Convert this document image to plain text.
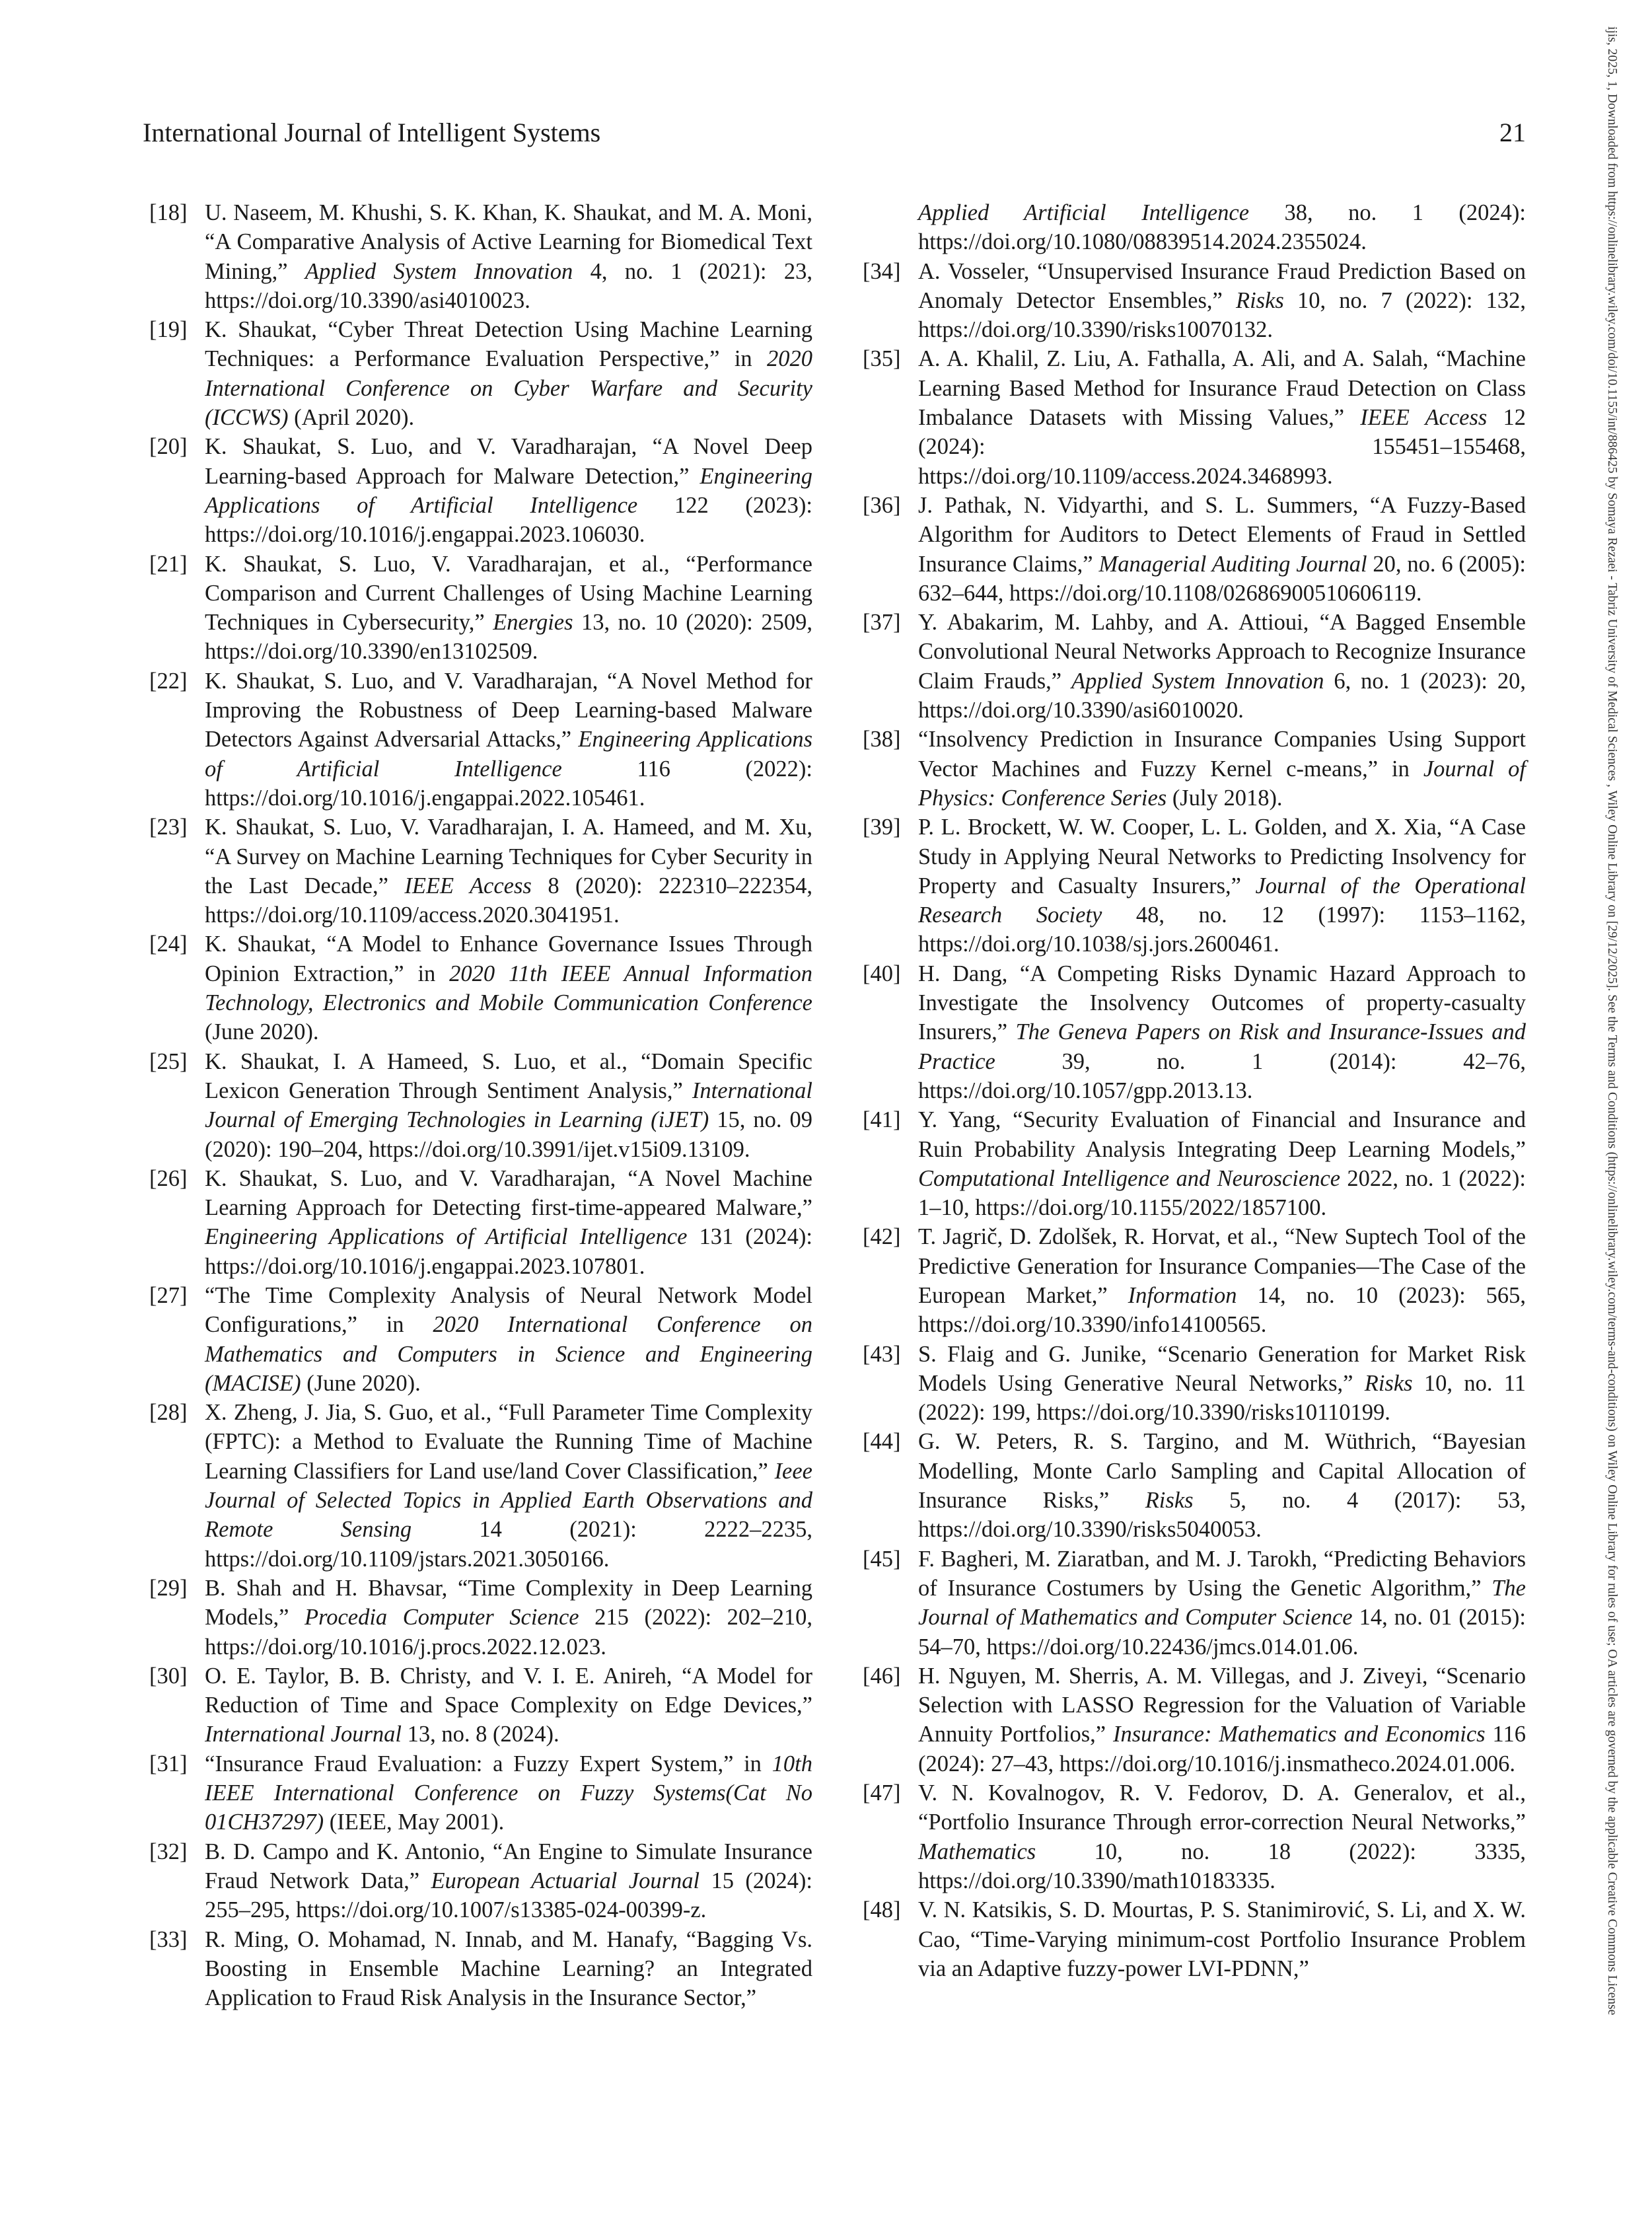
International Journal of Intelligent Systems	21
[18] U. Naseem, M. Khushi, S. K. Khan, K. Shaukat, and M. A. Moni, “A Comparative Analysis of Active Learning for Biomedical Text Mining,” Applied System Innovation 4, no. 1 (2021): 23, https://doi.org/10.3390/asi4010023.
[19] K. Shaukat, “Cyber Threat Detection Using Machine Learning Techniques: a Performance Evaluation Perspective,” in 2020 International Conference on Cyber Warfare and Security (ICCWS) (April 2020).
[20] K. Shaukat, S. Luo, and V. Varadharajan, “A Novel Deep Learning-based Approach for Malware Detection,” Engineering Applications of Artificial Intelligence 122 (2023): https://doi.org/10.1016/j.engappai.2023.106030.
[21] K. Shaukat, S. Luo, V. Varadharajan, et al., “Performance Comparison and Current Challenges of Using Machine Learning Techniques in Cybersecurity,” Energies 13, no. 10 (2020): 2509, https://doi.org/10.3390/en13102509.
[22] K. Shaukat, S. Luo, and V. Varadharajan, “A Novel Method for Improving the Robustness of Deep Learning-based Malware Detectors Against Adversarial Attacks,” Engineering Applications of Artificial Intelligence 116 (2022): https://doi.org/10.1016/j.engappai.2022.105461.
[23] K. Shaukat, S. Luo, V. Varadharajan, I. A. Hameed, and M. Xu, “A Survey on Machine Learning Techniques for Cyber Security in the Last Decade,” IEEE Access 8 (2020): 222310–222354, https://doi.org/10.1109/access.2020.3041951.
[24] K. Shaukat, “A Model to Enhance Governance Issues Through Opinion Extraction,” in 2020 11th IEEE Annual Information Technology, Electronics and Mobile Communication Conference (June 2020).
[25] K. Shaukat, I. A Hameed, S. Luo, et al., “Domain Specific Lexicon Generation Through Sentiment Analysis,” International Journal of Emerging Technologies in Learning (iJET) 15, no. 09 (2020): 190–204, https://doi.org/10.3991/ijet.v15i09.13109.
[26] K. Shaukat, S. Luo, and V. Varadharajan, “A Novel Machine Learning Approach for Detecting first-time-appeared Malware,” Engineering Applications of Artificial Intelligence 131 (2024): https://doi.org/10.1016/j.engappai.2023.107801.
[27] “The Time Complexity Analysis of Neural Network Model Configurations,” in 2020 International Conference on Mathematics and Computers in Science and Engineering (MACISE) (June 2020).
[28] X. Zheng, J. Jia, S. Guo, et al., “Full Parameter Time Complexity (FPTC): a Method to Evaluate the Running Time of Machine Learning Classifiers for Land use/land Cover Classification,” Ieee Journal of Selected Topics in Applied Earth Observations and Remote Sensing 14 (2021): 2222–2235, https://doi.org/10.1109/jstars.2021.3050166.
[29] B. Shah and H. Bhavsar, “Time Complexity in Deep Learning Models,” Procedia Computer Science 215 (2022): 202–210, https://doi.org/10.1016/j.procs.2022.12.023.
[30] O. E. Taylor, B. B. Christy, and V. I. E. Anireh, “A Model for Reduction of Time and Space Complexity on Edge Devices,” International Journal 13, no. 8 (2024).
[31] “Insurance Fraud Evaluation: a Fuzzy Expert System,” in 10th IEEE International Conference on Fuzzy Systems(Cat No 01CH37297) (IEEE, May 2001).
[32] B. D. Campo and K. Antonio, “An Engine to Simulate Insurance Fraud Network Data,” European Actuarial Journal 15 (2024): 255–295, https://doi.org/10.1007/s13385-024-00399-z.
[33] R. Ming, O. Mohamad, N. Innab, and M. Hanafy, “Bagging Vs. Boosting in Ensemble Machine Learning? an Integrated Application to Fraud Risk Analysis in the Insurance Sector,”
Applied Artificial Intelligence 38, no. 1 (2024): https://doi.org/10.1080/08839514.2024.2355024.
[34] A. Vosseler, “Unsupervised Insurance Fraud Prediction Based on Anomaly Detector Ensembles,” Risks 10, no. 7 (2022): 132, https://doi.org/10.3390/risks10070132.
[35] A. A. Khalil, Z. Liu, A. Fathalla, A. Ali, and A. Salah, “Machine Learning Based Method for Insurance Fraud Detection on Class Imbalance Datasets with Missing Values,” IEEE Access 12 (2024): 155451–155468, https://doi.org/10.1109/access.2024.3468993.
[36] J. Pathak, N. Vidyarthi, and S. L. Summers, “A Fuzzy-Based Algorithm for Auditors to Detect Elements of Fraud in Settled Insurance Claims,” Managerial Auditing Journal 20, no. 6 (2005): 632–644, https://doi.org/10.1108/02686900510606119.
[37] Y. Abakarim, M. Lahby, and A. Attioui, “A Bagged Ensemble Convolutional Neural Networks Approach to Recognize Insurance Claim Frauds,” Applied System Innovation 6, no. 1 (2023): 20, https://doi.org/10.3390/asi6010020.
[38] “Insolvency Prediction in Insurance Companies Using Support Vector Machines and Fuzzy Kernel c-means,” in Journal of Physics: Conference Series (July 2018).
[39] P. L. Brockett, W. W. Cooper, L. L. Golden, and X. Xia, “A Case Study in Applying Neural Networks to Predicting Insolvency for Property and Casualty Insurers,” Journal of the Operational Research Society 48, no. 12 (1997): 1153–1162, https://doi.org/10.1038/sj.jors.2600461.
[40] H. Dang, “A Competing Risks Dynamic Hazard Approach to Investigate the Insolvency Outcomes of property-casualty Insurers,” The Geneva Papers on Risk and Insurance-Issues and Practice 39, no. 1 (2014): 42–76, https://doi.org/10.1057/gpp.2013.13.
[41] Y. Yang, “Security Evaluation of Financial and Insurance and Ruin Probability Analysis Integrating Deep Learning Models,” Computational Intelligence and Neuroscience 2022, no. 1 (2022): 1–10, https://doi.org/10.1155/2022/1857100.
[42] T. Jagrič, D. Zdolšek, R. Horvat, et al., “New Suptech Tool of the Predictive Generation for Insurance Companies—The Case of the European Market,” Information 14, no. 10 (2023): 565, https://doi.org/10.3390/info14100565.
[43] S. Flaig and G. Junike, “Scenario Generation for Market Risk Models Using Generative Neural Networks,” Risks 10, no. 11 (2022): 199, https://doi.org/10.3390/risks10110199.
[44] G. W. Peters, R. S. Targino, and M. Wüthrich, “Bayesian Modelling, Monte Carlo Sampling and Capital Allocation of Insurance Risks,” Risks 5, no. 4 (2017): 53, https://doi.org/10.3390/risks5040053.
[45] F. Bagheri, M. Ziaratban, and M. J. Tarokh, “Predicting Behaviors of Insurance Costumers by Using the Genetic Algorithm,” The Journal of Mathematics and Computer Science 14, no. 01 (2015): 54–70, https://doi.org/10.22436/jmcs.014.01.06.
[46] H. Nguyen, M. Sherris, A. M. Villegas, and J. Ziveyi, “Scenario Selection with LASSO Regression for the Valuation of Variable Annuity Portfolios,” Insurance: Mathematics and Economics 116 (2024): 27–43, https://doi.org/10.1016/j.insmatheco.2024.01.006.
[47] V. N. Kovalnogov, R. V. Fedorov, D. A. Generalov, et al., “Portfolio Insurance Through error-correction Neural Networks,” Mathematics 10, no. 18 (2022): 3335, https://doi.org/10.3390/math10183335.
[48] V. N. Katsikis, S. D. Mourtas, P. S. Stanimirović, S. Li, and X. W. Cao, “Time-Varying minimum-cost Portfolio Insurance Problem via an Adaptive fuzzy-power LVI-PDNN,”	ijis, 2025, 1, Downloaded from https://onlinelibrary.wiley.com/doi/10.1155/int/886425 by Somaya Rezaei - Tabriz University of Medical Sciences , Wiley Online Library on [29/12/2025]. See the Terms and Conditions (https://onlinelibrary.wiley.com/terms-and-conditions) on Wiley Online Library for rules of use; OA articles are governed by the applicable Creative Commons License
